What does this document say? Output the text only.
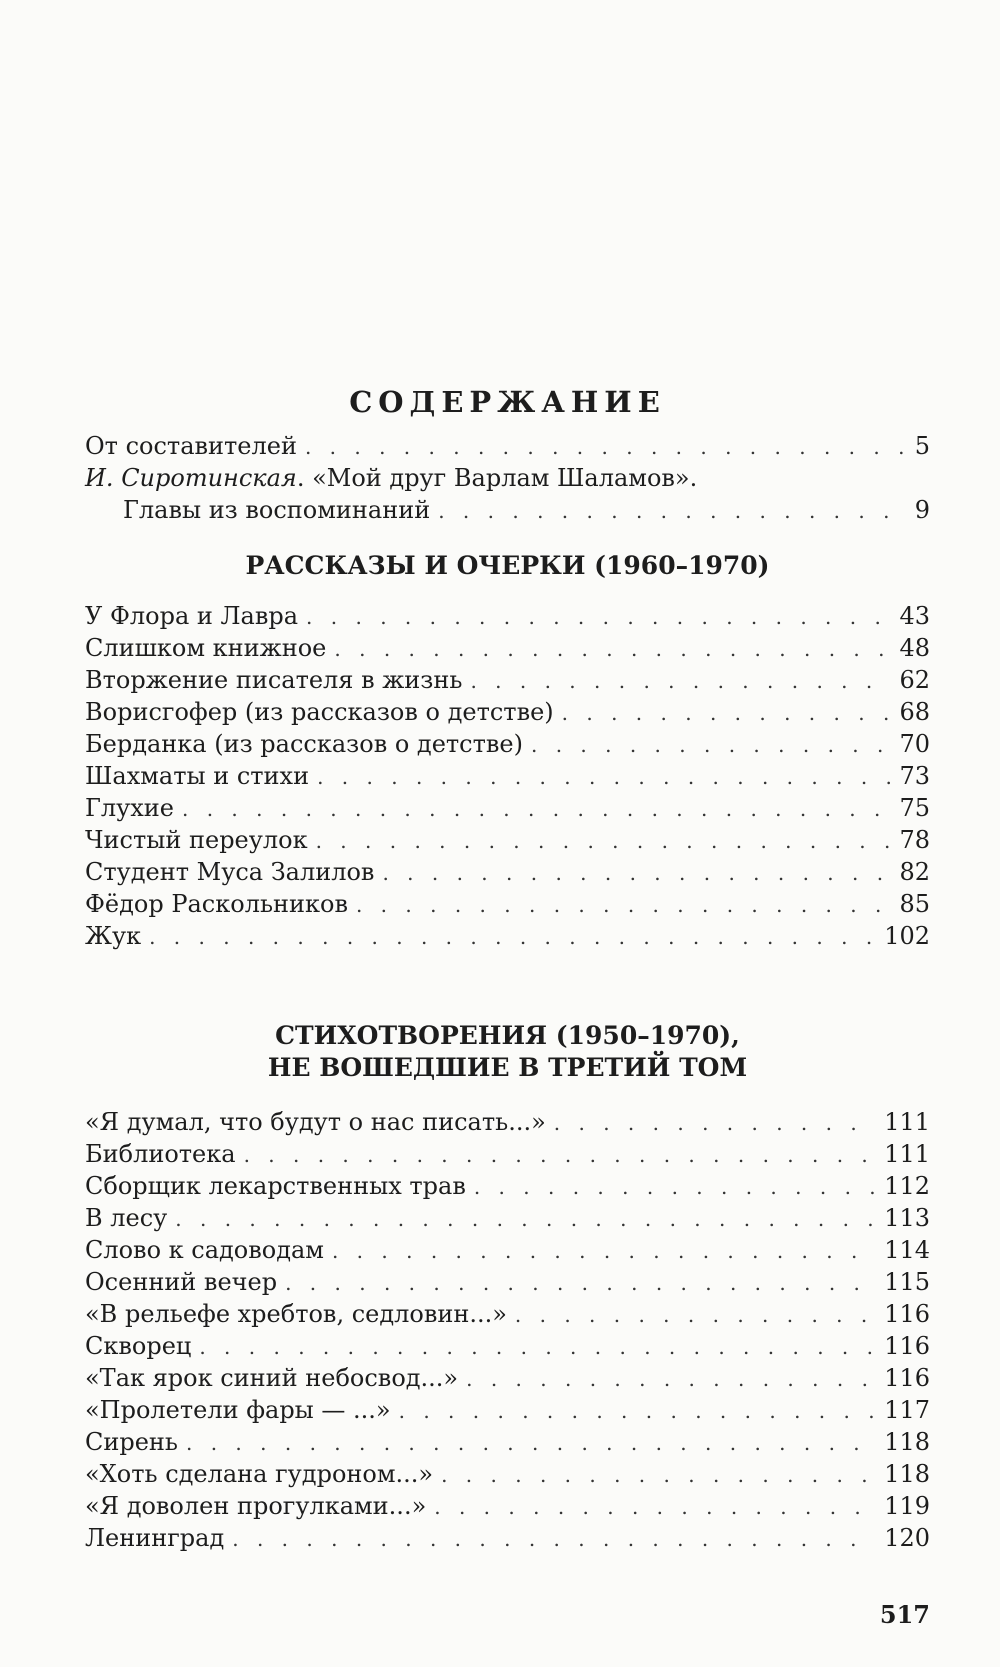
СОДЕРЖАНИЕ
От составителей . . .	5
И. Сиротинская. «Мой друг Варлам Шаламов».
Главы из воспоминаний . . .	9
РАССКАЗЫ И ОЧЕРКИ (1960–1970)
У Флора и Лавра . . .	43
Слишком книжное . . .	48
Вторжение писателя в жизнь . . .	62
Ворисгофер (из рассказов о детстве) . . .	68
Берданка (из рассказов о детстве) . . .	70
Шахматы и стихи . . .	73
Глухие . . .	75
Чистый переулок . . .	78
Студент Муса Залилов . . .	82
Фёдор Раскольников . . .	85
Жук . . .	102
СТИХОТВОРЕНИЯ (1950–1970),
НЕ ВОШЕДШИЕ В ТРЕТИЙ ТОМ
«Я думал, что будут о нас писать...» . . .	111
Библиотека . . .	111
Сборщик лекарственных трав . . .	112
В лесу . . .	113
Слово к садоводам . . .	114
Осенний вечер . . .	115
«В рельефе хребтов, седловин...» . . .	116
Скворец . . .	116
«Так ярок синий небосвод...» . . .	116
«Пролетели фары — ...» . . .	117
Сирень . . .	118
«Хоть сделана гудроном...» . . .	118
«Я доволен прогулками...» . . .	119
Ленинград . . .	120
517
